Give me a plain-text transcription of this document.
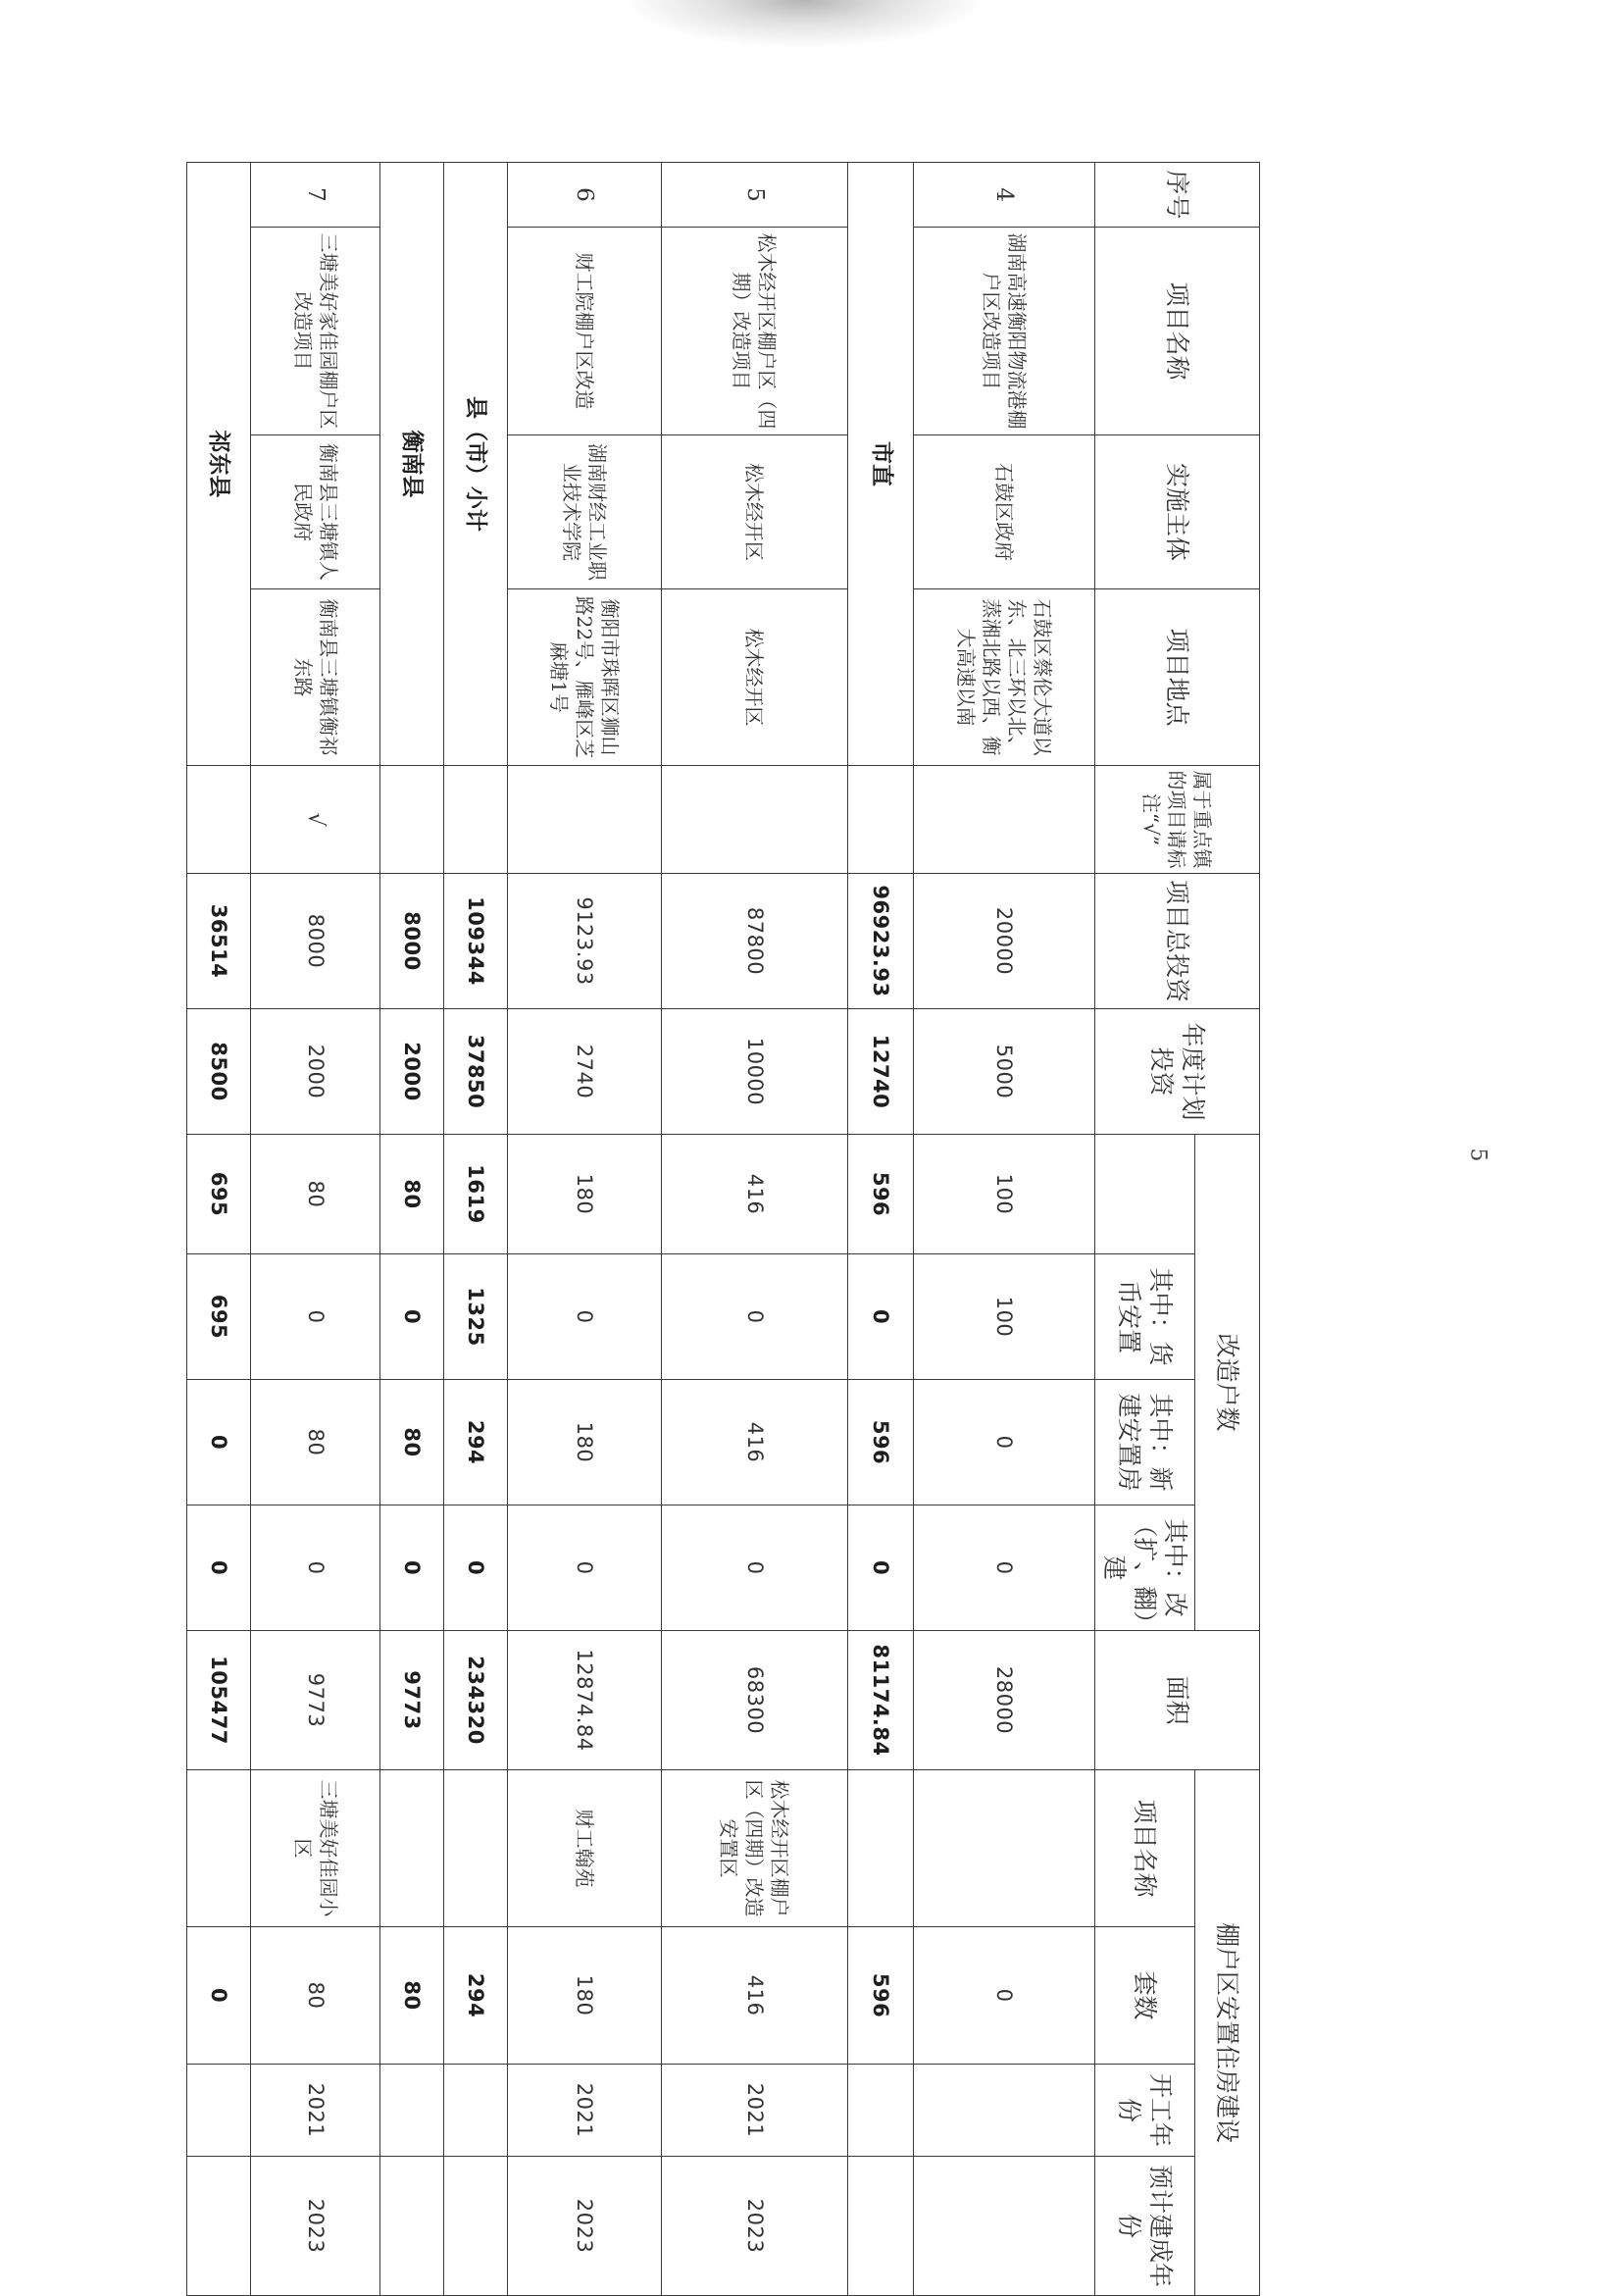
序号	项目名称	实施主体	项目地点	属于重点镇的项目请标注“√”	项目总投资	年度计划投资	改造户数				面积	棚户区安置住房建设			
								其中：货币安置	其中：新建安置房	其中：改（扩、翻）建		项目名称	套数	开工年份	预计建成年份
4	湖南高速衡阳物流港棚户区改造项目	石鼓区政府	石鼓区蔡伦大道以东、北三环以北、蒸湘北路以西、衡大高速以南		20000	5000	100	100	0	0	28000		0		
市直					96923.93	12740	596	0	596	0	81174.84		596		
5	松木经开区棚户区（四期）改造项目	松木经开区	松木经开区		87800	10000	416	0	416	0	68300	松木经开区棚户区（四期）改造安置区	416	2021	2023
6	财工院棚户区改造	湖南财经工业职业技术学院	衡阳市珠晖区狮山路22号、雁峰区芝麻塘1号		9123.93	2740	180	0	180	0	12874.84	财工翰苑	180	2021	2023
县（市）小计					109344	37850	1619	1325	294	0	234320		294		
衡南县					8000	2000	80	0	80	0	9773		80		
7	三塘美好家佳园棚户区改造项目	衡南县三塘镇人民政府	衡南县三塘镇衡祁东路	√	8000	2000	80	0	80	0	9773	三塘美好佳园小区	80	2021	2023
祁东县					36514	8500	695	695	0	0	105477		0		
5
